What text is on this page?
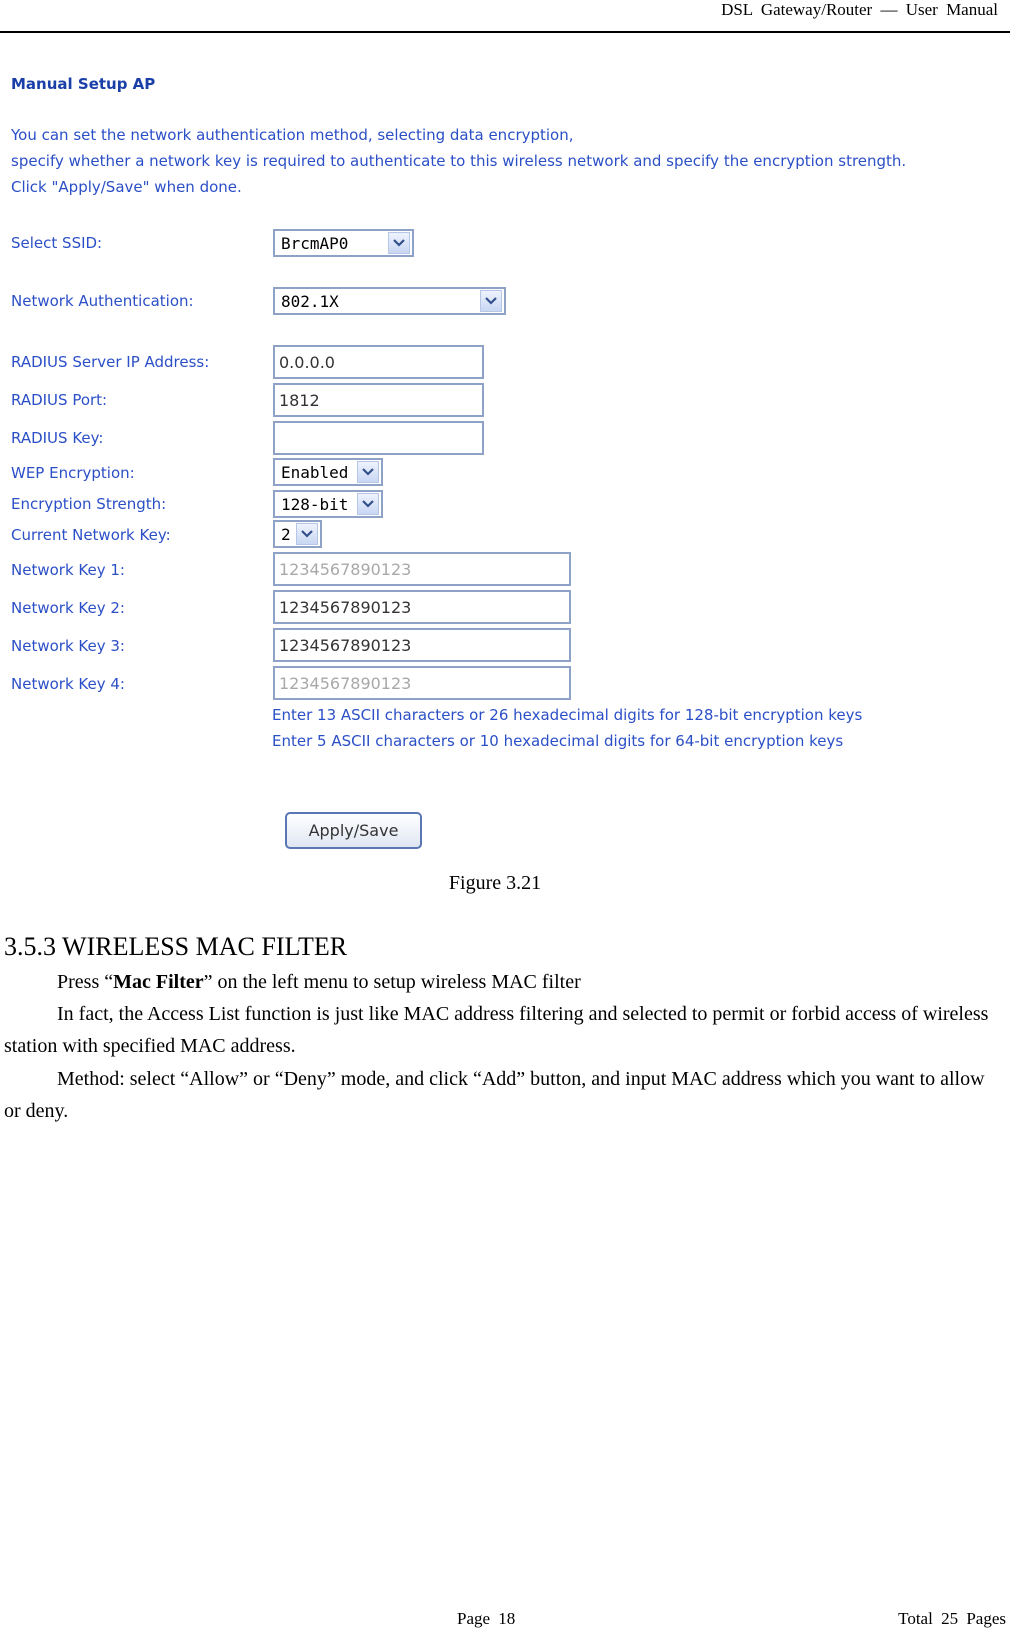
DSL Gateway/Router — User Manual
Manual Setup AP
You can set the network authentication method, selecting data encryption,
specify whether a network key is required to authenticate to this wireless network and specify the encryption strength.
Click "Apply/Save" when done.
Select SSID:	BrcmAP0
Network Authentication:	802.1X
RADIUS Server IP Address:	0.0.0.0
RADIUS Port:	1812
RADIUS Key:
WEP Encryption:	Enabled
Encryption Strength:	128-bit
Current Network Key:	2
Network Key 1:	1234567890123
Network Key 2:	1234567890123
Network Key 3:	1234567890123
Network Key 4:	1234567890123
Enter 13 ASCII characters or 26 hexadecimal digits for 128-bit encryption keys
Enter 5 ASCII characters or 10 hexadecimal digits for 64-bit encryption keys
Apply/Save
Figure 3.21
3.5.3 WIRELESS MAC FILTER
Press “Mac Filter” on the left menu to setup wireless MAC filter
In fact, the Access List function is just like MAC address filtering and selected to permit or forbid access of wireless station with specified MAC address.
Method: select “Allow” or “Deny” mode, and click “Add” button, and input MAC address which you want to allow or deny.
Page 18	Total 25 Pages
